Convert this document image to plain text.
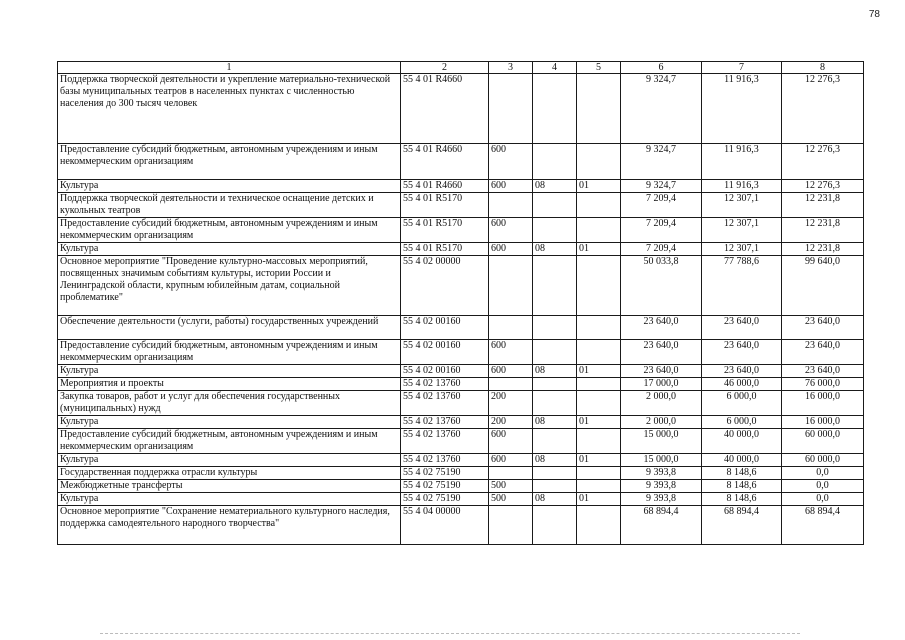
78
1	2	3	4	5	6	7	8
Поддержка творческой деятельности и укрепление материально-технической базы муниципальных театров в населенных пунктах с численностью населения до 300 тысяч человек	55 4 01 R4660				9 324,7	11 916,3	12 276,3
Предоставление субсидий бюджетным, автономным учреждениям и иным некоммерческим организациям	55 4 01 R4660	600			9 324,7	11 916,3	12 276,3
Культура	55 4 01 R4660	600	08	01	9 324,7	11 916,3	12 276,3
Поддержка творческой деятельности и техническое оснащение детских и кукольных театров	55 4 01 R5170				7 209,4	12 307,1	12 231,8
Предоставление субсидий бюджетным, автономным учреждениям и иным некоммерческим организациям	55 4 01 R5170	600			7 209,4	12 307,1	12 231,8
Культура	55 4 01 R5170	600	08	01	7 209,4	12 307,1	12 231,8
Основное мероприятие "Проведение культурно-массовых мероприятий, посвященных значимым событиям культуры, истории России и Ленинградской области, крупным юбилейным датам, социальной проблематике"	55 4 02 00000				50 033,8	77 788,6	99 640,0
Обеспечение деятельности (услуги, работы) государственных учреждений	55 4 02 00160				23 640,0	23 640,0	23 640,0
Предоставление субсидий бюджетным, автономным учреждениям и иным некоммерческим организациям	55 4 02 00160	600			23 640,0	23 640,0	23 640,0
Культура	55 4 02 00160	600	08	01	23 640,0	23 640,0	23 640,0
Мероприятия и проекты	55 4 02 13760				17 000,0	46 000,0	76 000,0
Закупка товаров, работ и услуг для обеспечения государственных (муниципальных) нужд	55 4 02 13760	200			2 000,0	6 000,0	16 000,0
Культура	55 4 02 13760	200	08	01	2 000,0	6 000,0	16 000,0
Предоставление субсидий бюджетным, автономным учреждениям и иным некоммерческим организациям	55 4 02 13760	600			15 000,0	40 000,0	60 000,0
Культура	55 4 02 13760	600	08	01	15 000,0	40 000,0	60 000,0
Государственная поддержка отрасли культуры	55 4 02 75190				9 393,8	8 148,6	0,0
Межбюджетные трансферты	55 4 02 75190	500			9 393,8	8 148,6	0,0
Культура	55 4 02 75190	500	08	01	9 393,8	8 148,6	0,0
Основное мероприятие "Сохранение нематериального культурного наследия, поддержка самодеятельного народного творчества"	55 4 04 00000				68 894,4	68 894,4	68 894,4
